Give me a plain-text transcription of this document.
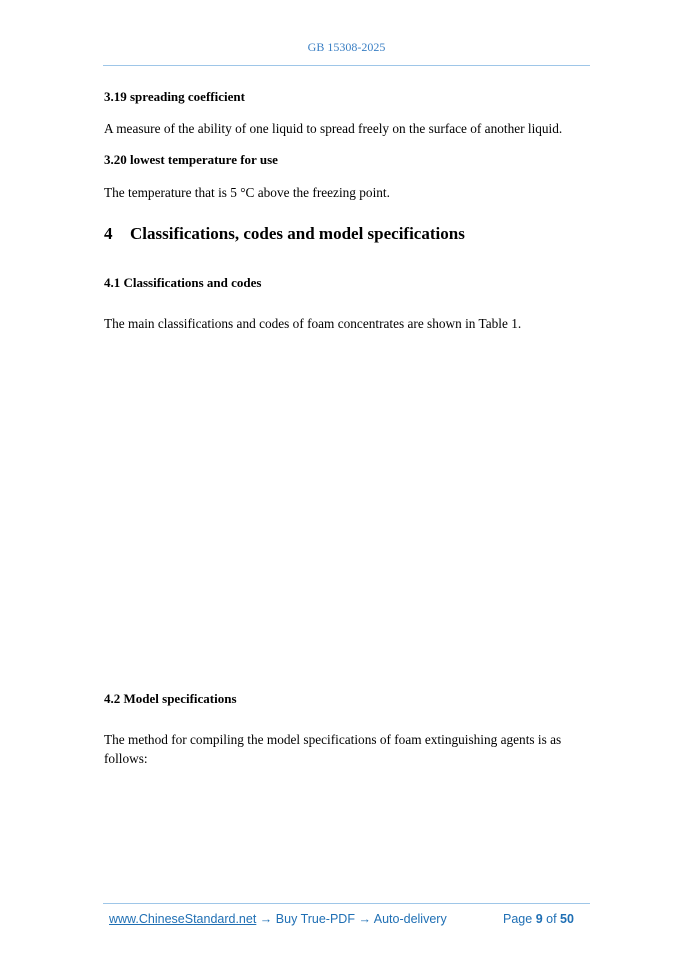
GB 15308-2025
3.19 spreading coefficient
A measure of the ability of one liquid to spread freely on the surface of another liquid.
3.20 lowest temperature for use
The temperature that is 5 °C above the freezing point.
4 Classifications, codes and model specifications
4.1 Classifications and codes
The main classifications and codes of foam concentrates are shown in Table 1.
4.2 Model specifications
The method for compiling the model specifications of foam extinguishing agents is as
follows:
www.ChineseStandard.net → Buy True-PDF → Auto-delivery	Page 9 of 50
